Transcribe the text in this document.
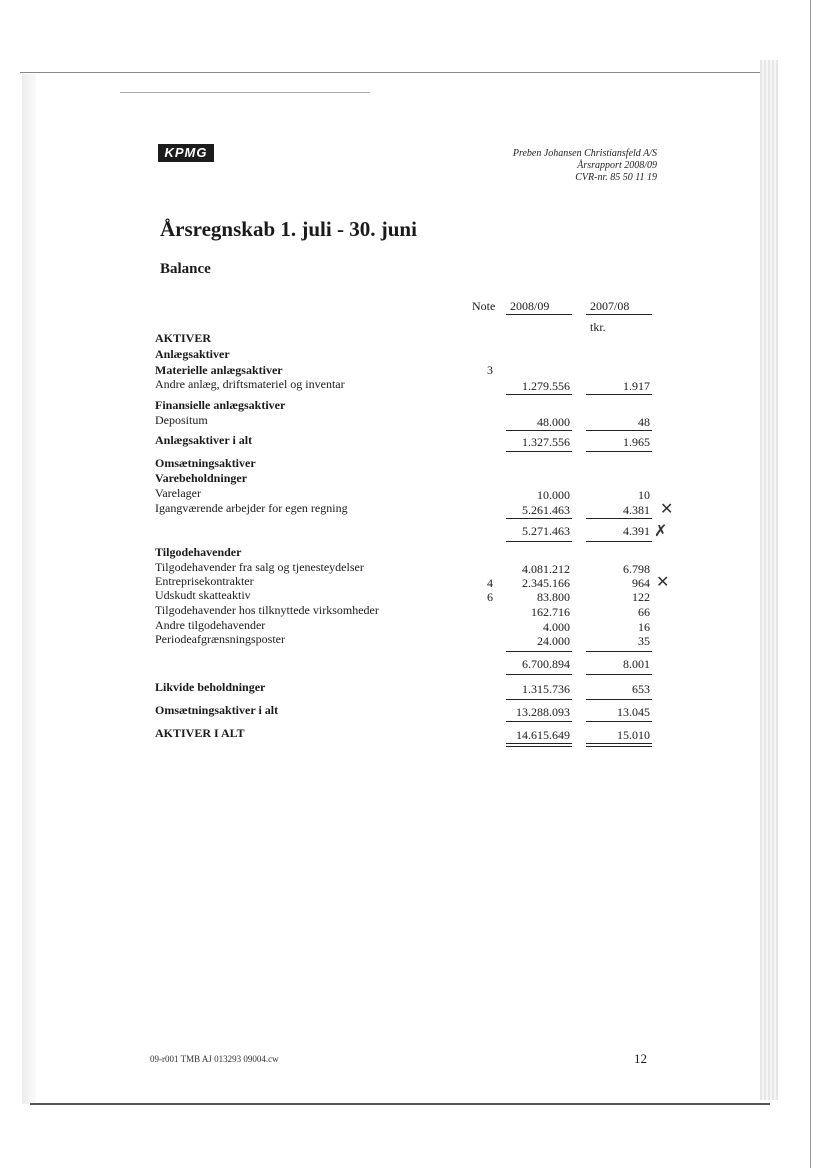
KPMG	Preben Johansen Christiansfeld A/S
Årsrapport 2008/09
CVR-nr. 85 50 11 19
Årsregnskab 1. juli - 30. juni
Balance
Note 2008/09	2007/08
tkr.
AKTIVER
Anlægsaktiver
Materielle anlægsaktiver	3
Andre anlæg, driftsmateriel og inventar	1.279.556	1.917
Finansielle anlægsaktiver
Depositum	48.000	48
Anlægsaktiver i alt	1.327.556	1.965
Omsætningsaktiver
Varebeholdninger
Varelager	10.000	10
Igangværende arbejder for egen regning	5.261.463	4.381 ✕
5.271.463	4.391 ✗
Tilgodehavender
Tilgodehavender fra salg og tjenesteydelser	4.081.212	6.798
Entreprisekontrakter	4	2.345.166	964 ✕
Udskudt skatteaktiv	6	83.800	122
Tilgodehavender hos tilknyttede virksomheder	162.716	66
Andre tilgodehavender	4.000	16
Periodeafgrænsningsposter	24.000	35
6.700.894	8.001
Likvide beholdninger	1.315.736	653
Omsætningsaktiver i alt	13.288.093	13.045
AKTIVER I ALT	14.615.649	15.010
09-r001 TMB AJ 013293 09004.cw	12
